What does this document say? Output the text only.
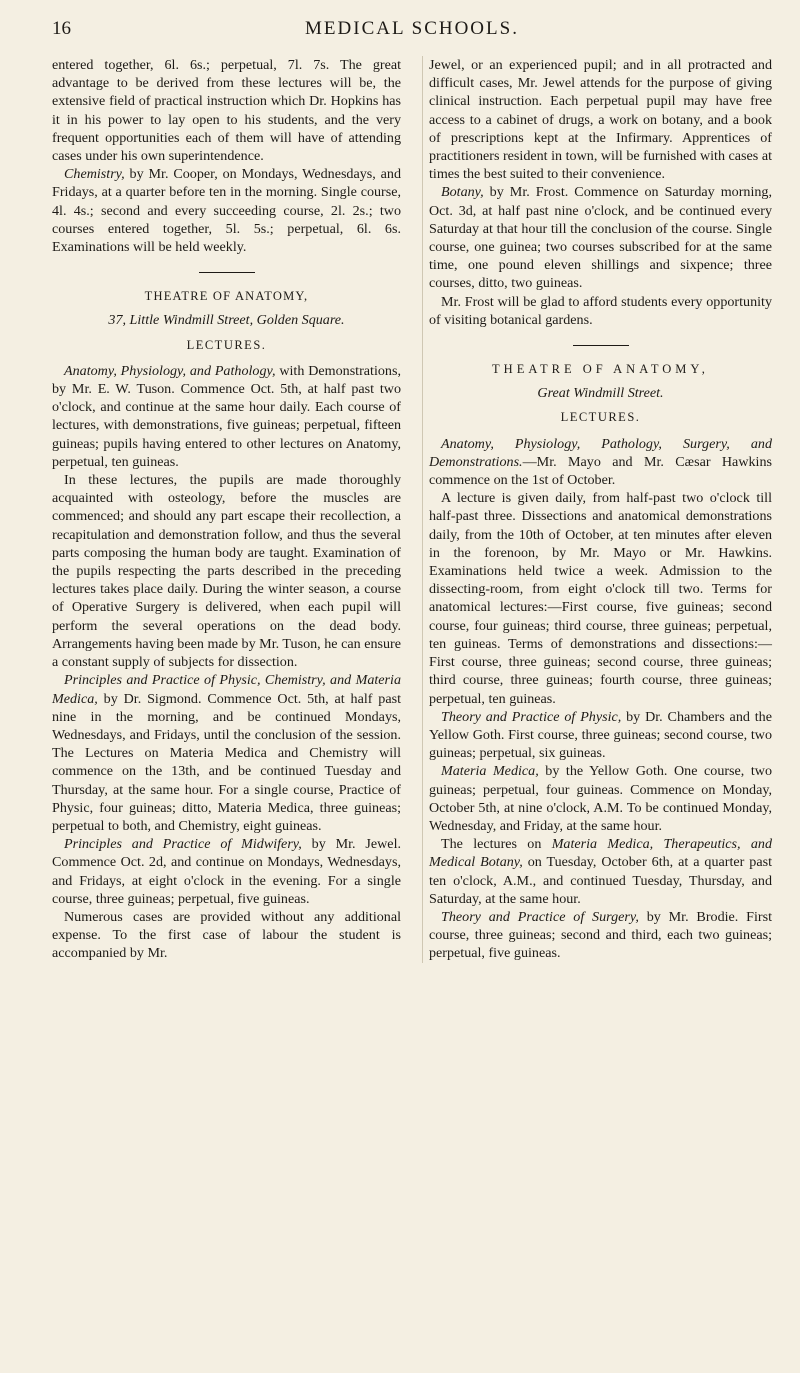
16	MEDICAL SCHOOLS.

entered together, 6l. 6s.; perpetual, 7l. 7s. The great advantage to be derived from these lectures will be, the extensive field of practical instruction which Dr. Hopkins has it in his power to lay open to his students, and the very frequent opportunities each of them will have of attending cases under his own superintendence.

Chemistry, by Mr. Cooper, on Mondays, Wednesdays, and Fridays, at a quarter before ten in the morning. Single course, 4l. 4s.; second and every succeeding course, 2l. 2s.; two courses entered together, 5l. 5s.; perpetual, 6l. 6s. Examinations will be held weekly.

THEATRE OF ANATOMY,

37, Little Windmill Street, Golden Square.

LECTURES.

Anatomy, Physiology, and Pathology, with Demonstrations, by Mr. E. W. Tuson. Commence Oct. 5th, at half past two o'clock, and continue at the same hour daily. Each course of lectures, with demonstrations, five guineas; perpetual, fifteen guineas; pupils having entered to other lectures on Anatomy, perpetual, ten guineas.

In these lectures, the pupils are made thoroughly acquainted with osteology, before the muscles are commenced; and should any part escape their recollection, a recapitulation and demonstration follow, and thus the several parts composing the human body are taught. Examination of the pupils respecting the parts described in the preceding lectures takes place daily. During the winter season, a course of Operative Surgery is delivered, when each pupil will perform the several operations on the dead body. Arrangements having been made by Mr. Tuson, he can ensure a constant supply of subjects for dissection.

Principles and Practice of Physic, Chemistry, and Materia Medica, by Dr. Sigmond. Commence Oct. 5th, at half past nine in the morning, and be continued Mondays, Wednesdays, and Fridays, until the conclusion of the session. The Lectures on Materia Medica and Chemistry will commence on the 13th, and be continued Tuesday and Thursday, at the same hour. For a single course, Practice of Physic, four guineas; ditto, Materia Medica, three guineas; perpetual to both, and Chemistry, eight guineas.

Principles and Practice of Midwifery, by Mr. Jewel. Commence Oct. 2d, and continue on Mondays, Wednesdays, and Fridays, at eight o'clock in the evening. For a single course, three guineas; perpetual, five guineas.

Numerous cases are provided without any additional expense. To the first case of labour the student is accompanied by Mr.

Jewel, or an experienced pupil; and in all protracted and difficult cases, Mr. Jewel attends for the purpose of giving clinical instruction. Each perpetual pupil may have free access to a cabinet of drugs, a work on botany, and a book of prescriptions kept at the Infirmary. Apprentices of practitioners resident in town, will be furnished with cases at times the best suited to their convenience.

Botany, by Mr. Frost. Commence on Saturday morning, Oct. 3d, at half past nine o'clock, and be continued every Saturday at that hour till the conclusion of the course. Single course, one guinea; two courses subscribed for at the same time, one pound eleven shillings and sixpence; three courses, ditto, two guineas.

Mr. Frost will be glad to afford students every opportunity of visiting botanical gardens.

THEATRE OF ANATOMY,

Great Windmill Street.

LECTURES.

Anatomy, Physiology, Pathology, Surgery, and Demonstrations.—Mr. Mayo and Mr. Cæsar Hawkins commence on the 1st of October.

A lecture is given daily, from half-past two o'clock till half-past three. Dissections and anatomical demonstrations daily, from the 10th of October, at ten minutes after eleven in the forenoon, by Mr. Mayo or Mr. Hawkins. Examinations held twice a week. Admission to the dissecting-room, from eight o'clock till two. Terms for anatomical lectures:—First course, five guineas; second course, four guineas; third course, three guineas; perpetual, ten guineas. Terms of demonstrations and dissections:—First course, three guineas; second course, three guineas; third course, three guineas; fourth course, three guineas; perpetual, ten guineas.

Theory and Practice of Physic, by Dr. Chambers and the Yellow Goth. First course, three guineas; second course, two guineas; perpetual, six guineas.

Materia Medica, by the Yellow Goth. One course, two guineas; perpetual, four guineas. Commence on Monday, October 5th, at nine o'clock, A.M. To be continued Monday, Wednesday, and Friday, at the same hour.

The lectures on Materia Medica, Therapeutics, and Medical Botany, on Tuesday, October 6th, at a quarter past ten o'clock, A.M., and continued Tuesday, Thursday, and Saturday, at the same hour.

Theory and Practice of Surgery, by Mr. Brodie. First course, three guineas; second and third, each two guineas; perpetual, five guineas.
